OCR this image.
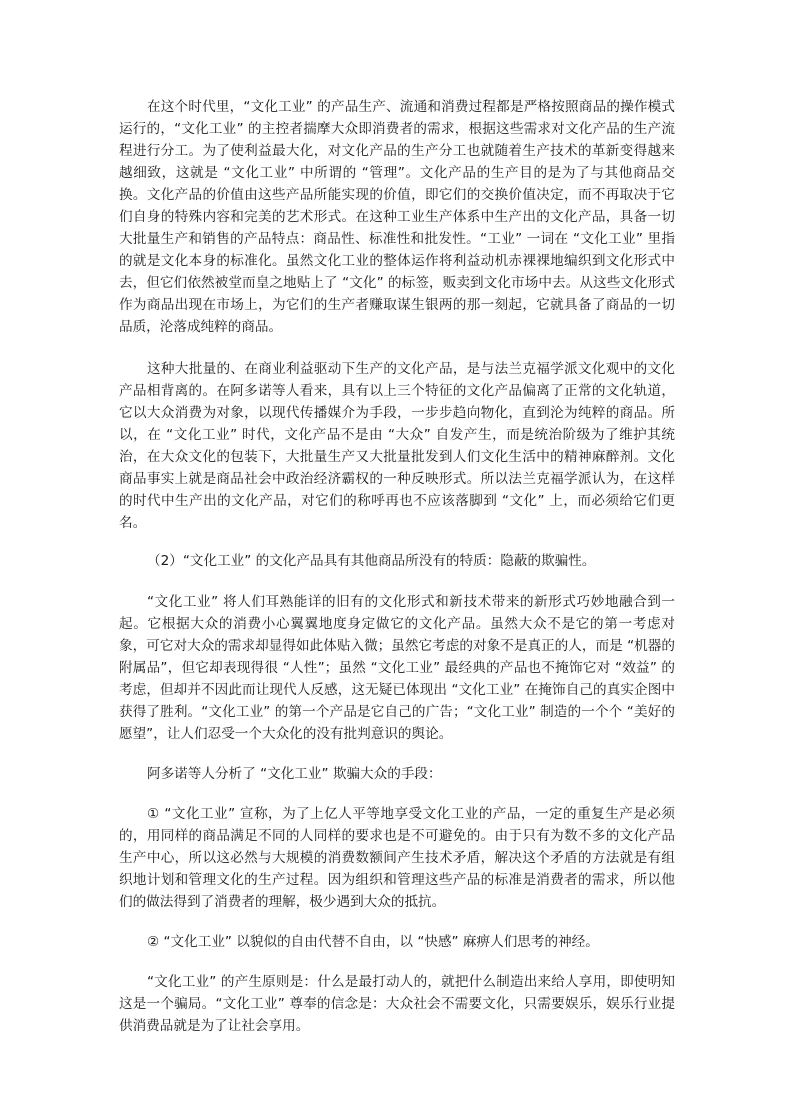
在这个时代里，“文化工业” 的产品生产、流通和消费过程都是严格按照商品的操作模式运行的，“文化工业” 的主控者揣摩大众即消费者的需求，根据这些需求对文化产品的生产流程进行分工。为了使利益最大化，对文化产品的生产分工也就随着生产技术的革新变得越来越细致，这就是 “文化工业” 中所谓的 “管理”。文化产品的生产目的是为了与其他商品交换。文化产品的价值由这些产品所能实现的价值，即它们的交换价值决定，而不再取决于它们自身的特殊内容和完美的艺术形式。在这种工业生产体系中生产出的文化产品，具备一切大批量生产和销售的产品特点：商品性、标准性和批发性。“工业” 一词在 “文化工业” 里指的就是文化本身的标准化。虽然文化工业的整体运作将利益动机赤裸裸地编织到文化形式中去，但它们依然被堂而皇之地贴上了 “文化” 的标签，贩卖到文化市场中去。从这些文化形式作为商品出现在市场上，为它们的生产者赚取谋生银两的那一刻起，它就具备了商品的一切品质，沦落成纯粹的商品。

这种大批量的、在商业利益驱动下生产的文化产品，是与法兰克福学派文化观中的文化产品相背离的。在阿多诺等人看来，具有以上三个特征的文化产品偏离了正常的文化轨道，它以大众消费为对象，以现代传播媒介为手段，一步步趋向物化，直到沦为纯粹的商品。所以，在 “文化工业” 时代，文化产品不是由 “大众” 自发产生，而是统治阶级为了维护其统治，在大众文化的包装下，大批量生产又大批量批发到人们文化生活中的精神麻醉剂。文化商品事实上就是商品社会中政治经济霸权的一种反映形式。所以法兰克福学派认为，在这样的时代中生产出的文化产品，对它们的称呼再也不应该落脚到 “文化” 上，而必须给它们更名。

（2）“文化工业” 的文化产品具有其他商品所没有的特质：隐蔽的欺骗性。

“文化工业” 将人们耳熟能详的旧有的文化形式和新技术带来的新形式巧妙地融合到一起。它根据大众的消费小心翼翼地度身定做它的文化产品。虽然大众不是它的第一考虑对象，可它对大众的需求却显得如此体贴入微；虽然它考虑的对象不是真正的人，而是 “机器的附属品”，但它却表现得很 “人性”；虽然 “文化工业” 最经典的产品也不掩饰它对 “效益” 的考虑，但却并不因此而让现代人反感，这无疑已体现出 “文化工业” 在掩饰自己的真实企图中获得了胜利。“文化工业” 的第一个产品是它自己的广告；“文化工业” 制造的一个个 “美好的愿望”，让人们忍受一个大众化的没有批判意识的舆论。

阿多诺等人分析了 “文化工业” 欺骗大众的手段：

① “文化工业” 宣称，为了上亿人平等地享受文化工业的产品，一定的重复生产是必须的，用同样的商品满足不同的人同样的要求也是不可避免的。由于只有为数不多的文化产品生产中心，所以这必然与大规模的消费数额间产生技术矛盾，解决这个矛盾的方法就是有组织地计划和管理文化的生产过程。因为组织和管理这些产品的标准是消费者的需求，所以他们的做法得到了消费者的理解，极少遇到大众的抵抗。

② “文化工业” 以貌似的自由代替不自由，以 “快感” 麻痹人们思考的神经。

“文化工业” 的产生原则是：什么是最打动人的，就把什么制造出来给人享用，即使明知这是一个骗局。“文化工业” 尊奉的信念是：大众社会不需要文化，只需要娱乐，娱乐行业提供消费品就是为了让社会享用。
